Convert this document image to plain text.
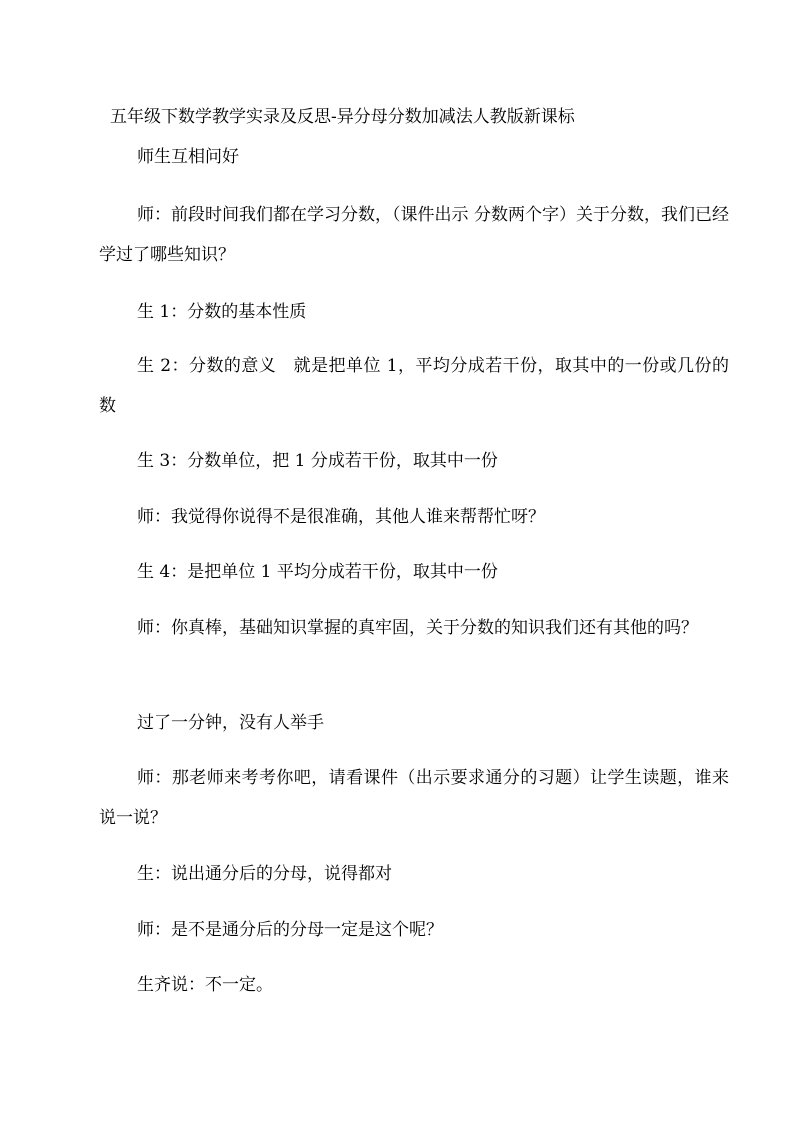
五年级下数学教学实录及反思-异分母分数加减法人教版新课标

师生互相问好

师：前段时间我们都在学习分数，（课件出示 分数两个字）关于分数，我们已经学过了哪些知识？

生 1：分数的基本性质

生 2：分数的意义　就是把单位 1，平均分成若干份，取其中的一份或几份的数

生 3：分数单位，把 1 分成若干份，取其中一份

师：我觉得你说得不是很准确，其他人谁来帮帮忙呀？

生 4：是把单位 1 平均分成若干份，取其中一份

师：你真棒，基础知识掌握的真牢固，关于分数的知识我们还有其他的吗？

过了一分钟，没有人举手

师：那老师来考考你吧，请看课件（出示要求通分的习题）让学生读题，谁来说一说？

生：说出通分后的分母，说得都对

师：是不是通分后的分母一定是这个呢？

生齐说：不一定。
